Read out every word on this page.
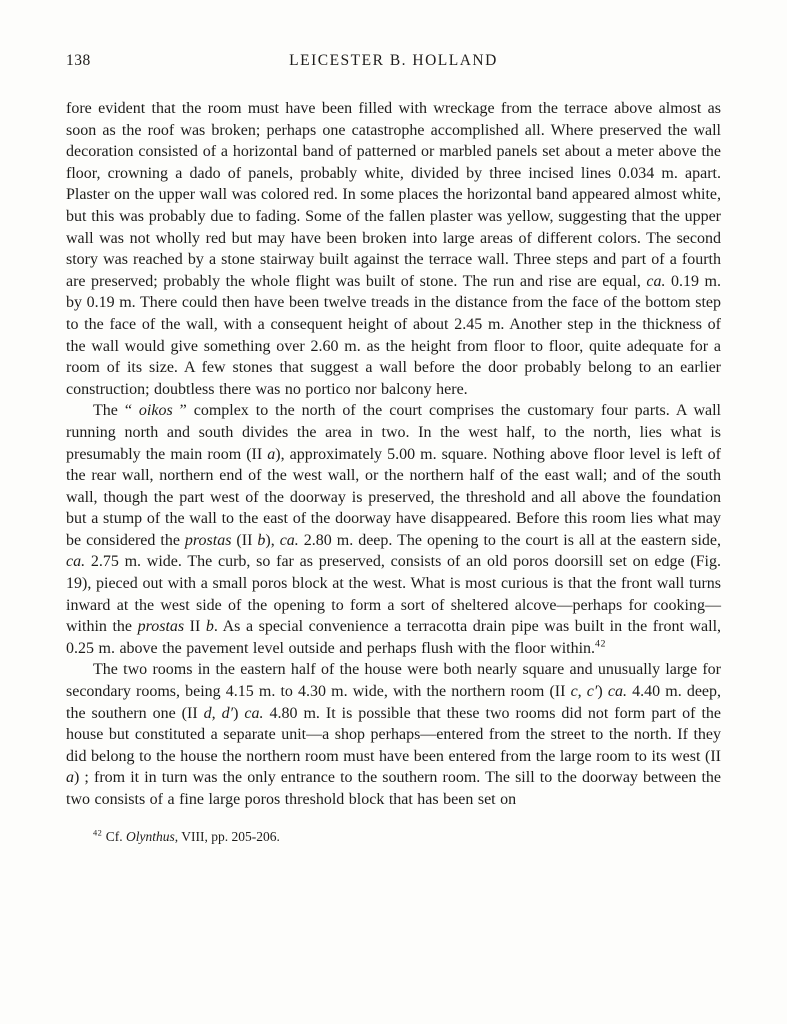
138	LEICESTER B. HOLLAND

fore evident that the room must have been filled with wreckage from the terrace above almost as soon as the roof was broken; perhaps one catastrophe accomplished all. Where preserved the wall decoration consisted of a horizontal band of patterned or marbled panels set about a meter above the floor, crowning a dado of panels, probably white, divided by three incised lines 0.034 m. apart. Plaster on the upper wall was colored red. In some places the horizontal band appeared almost white, but this was probably due to fading. Some of the fallen plaster was yellow, suggesting that the upper wall was not wholly red but may have been broken into large areas of different colors. The second story was reached by a stone stairway built against the terrace wall. Three steps and part of a fourth are preserved; probably the whole flight was built of stone. The run and rise are equal, ca. 0.19 m. by 0.19 m. There could then have been twelve treads in the distance from the face of the bottom step to the face of the wall, with a consequent height of about 2.45 m. Another step in the thickness of the wall would give something over 2.60 m. as the height from floor to floor, quite adequate for a room of its size. A few stones that suggest a wall before the door probably belong to an earlier construction; doubtless there was no portico nor balcony here.

The “ oikos ” complex to the north of the court comprises the customary four parts. A wall running north and south divides the area in two. In the west half, to the north, lies what is presumably the main room (II a), approximately 5.00 m. square. Nothing above floor level is left of the rear wall, northern end of the west wall, or the northern half of the east wall; and of the south wall, though the part west of the doorway is preserved, the threshold and all above the foundation but a stump of the wall to the east of the doorway have disappeared. Before this room lies what may be considered the prostas (II b), ca. 2.80 m. deep. The opening to the court is all at the eastern side, ca. 2.75 m. wide. The curb, so far as preserved, consists of an old poros doorsill set on edge (Fig. 19), pieced out with a small poros block at the west. What is most curious is that the front wall turns inward at the west side of the opening to form a sort of sheltered alcove—perhaps for cooking—within the prostas II b. As a special convenience a terracotta drain pipe was built in the front wall, 0.25 m. above the pavement level outside and perhaps flush with the floor within.$^{42}$

The two rooms in the eastern half of the house were both nearly square and unusually large for secondary rooms, being 4.15 m. to 4.30 m. wide, with the northern room (II c, c′) ca. 4.40 m. deep, the southern one (II d, d′) ca. 4.80 m. It is possible that these two rooms did not form part of the house but constituted a separate unit—a shop perhaps—entered from the street to the north. If they did belong to the house the northern room must have been entered from the large room to its west (II a) ; from it in turn was the only entrance to the southern room. The sill to the doorway between the two consists of a fine large poros threshold block that has been set on

$^{42}$ Cf. Olynthus, VIII, pp. 205-206.
